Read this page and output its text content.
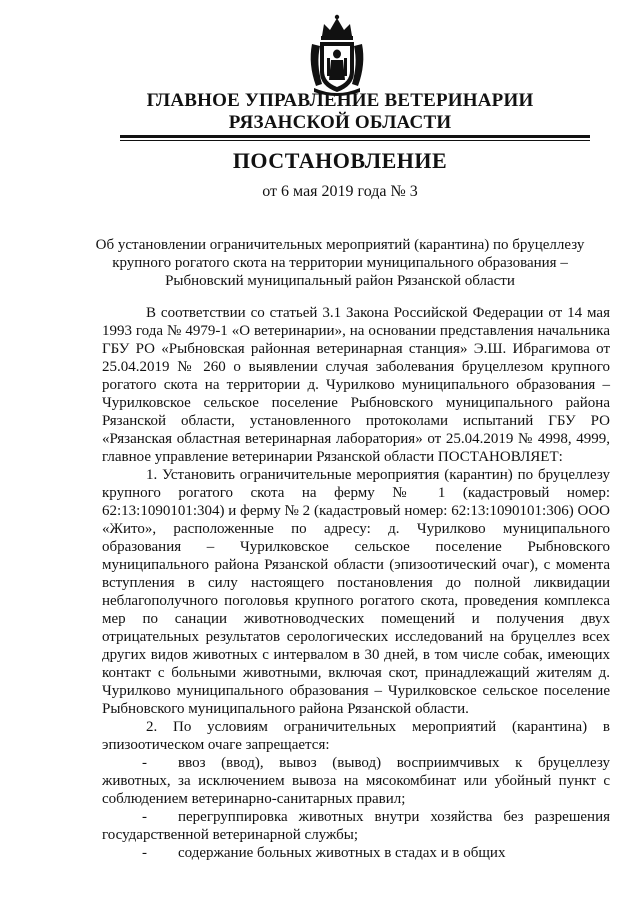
ГЛАВНОЕ УПРАВЛЕНИЕ ВЕТЕРИНАРИИ
РЯЗАНСКОЙ ОБЛАСТИ
ПОСТАНОВЛЕНИЕ
от 6 мая 2019 года № 3
Об установлении ограничительных мероприятий (карантина) по бруцеллезу крупного рогатого скота на территории муниципального образования – Рыбновский муниципальный район Рязанской области

В соответствии со статьей 3.1 Закона Российской Федерации от 14 мая 1993 года № 4979-1 «О ветеринарии», на основании представления начальника ГБУ РО «Рыбновская районная ветеринарная станция» Э.Ш. Ибрагимова от 25.04.2019 № 260 о выявлении случая заболевания бруцеллезом крупного рогатого скота на территории д. Чурилково муниципального образования – Чурилковское сельское поселение Рыбновского муниципального района Рязанской области, установленного протоколами испытаний ГБУ РО «Рязанская областная ветеринарная лаборатория» от 25.04.2019 № 4998, 4999, главное управление ветеринарии Рязанской области ПОСТАНОВЛЯЕТ:

1. Установить ограничительные мероприятия (карантин) по бруцеллезу крупного рогатого скота на ферму № 1 (кадастровый номер: 62:13:1090101:304) и ферму № 2 (кадастровый номер: 62:13:1090101:306) ООО «Жито», расположенные по адресу: д. Чурилково муниципального образования – Чурилковское сельское поселение Рыбновского муниципального района Рязанской области (эпизоотический очаг), с момента вступления в силу настоящего постановления до полной ликвидации неблагополучного поголовья крупного рогатого скота, проведения комплекса мер по санации животноводческих помещений и получения двух отрицательных результатов серологических исследований на бруцеллез всех других видов животных с интервалом в 30 дней, в том числе собак, имеющих контакт с больными животными, включая скот, принадлежащий жителям д. Чурилково муниципального образования – Чурилковское сельское поселение Рыбновского муниципального района Рязанской области.

2. По условиям ограничительных мероприятий (карантина) в эпизоотическом очаге запрещается:

- ввоз (ввод), вывоз (вывод) восприимчивых к бруцеллезу животных, за исключением вывоза на мясокомбинат или убойный пункт с соблюдением ветеринарно-санитарных правил;

- перегруппировка животных внутри хозяйства без разрешения государственной ветеринарной службы;

- содержание больных животных в стадах и в общих
